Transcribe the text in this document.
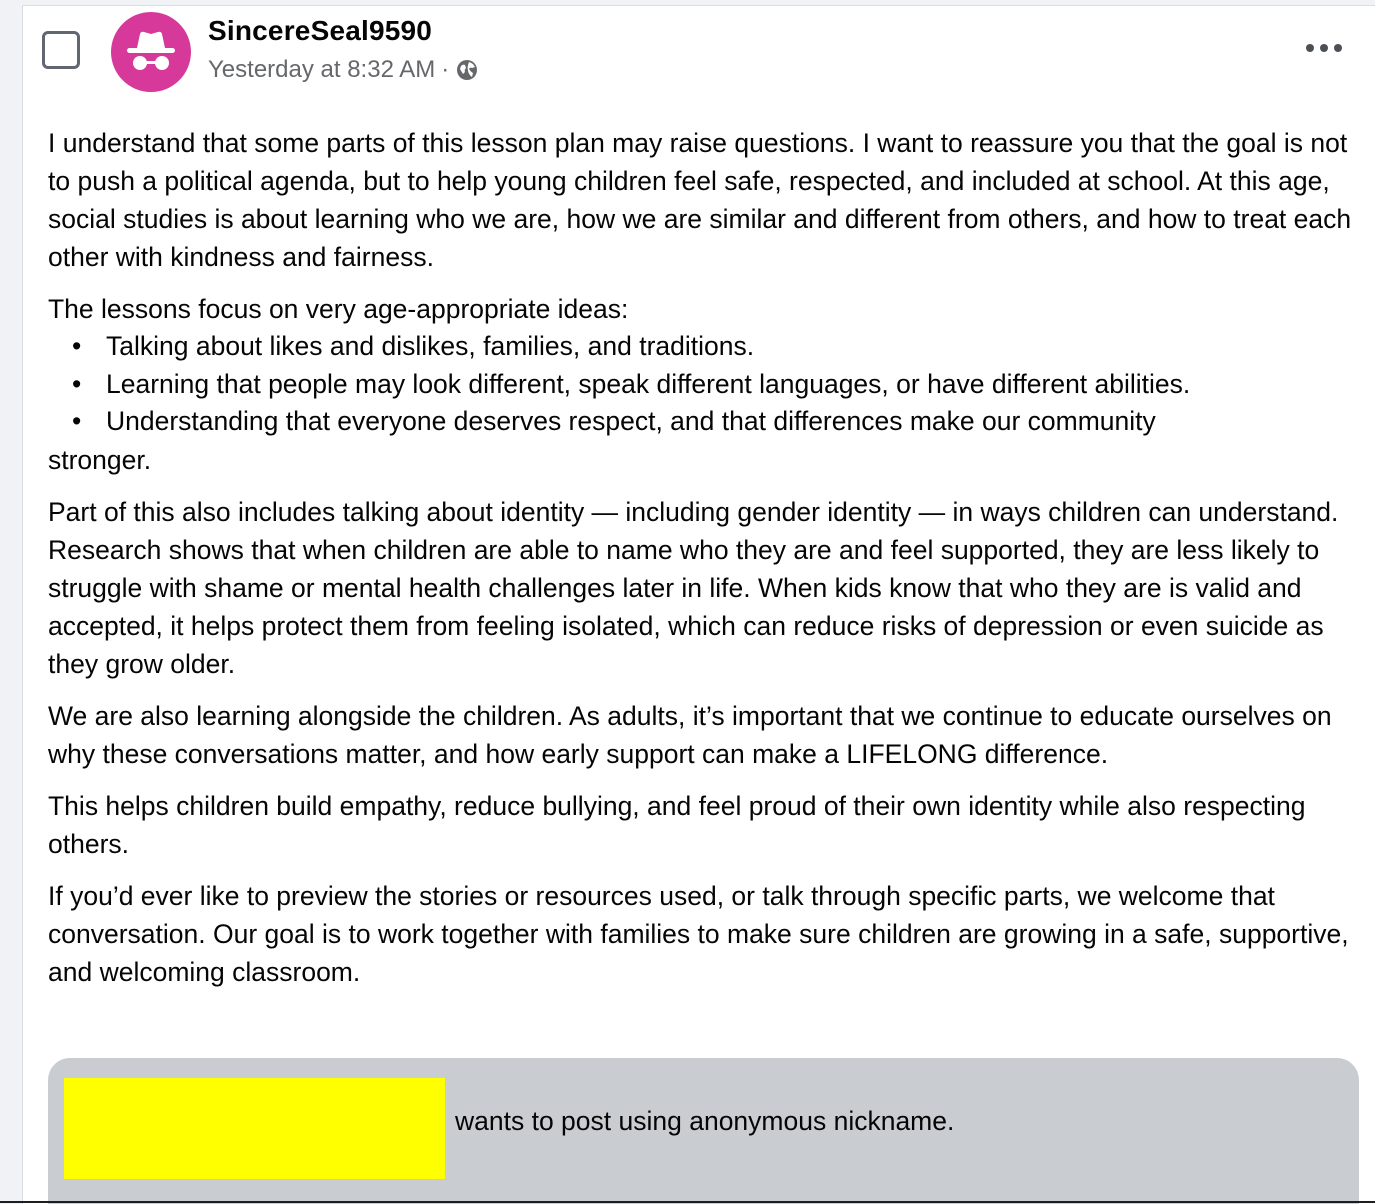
SincereSeal9590
Yesterday at 8:32 AM ·

I understand that some parts of this lesson plan may raise questions. I want to reassure you that the goal is not to push a political agenda, but to help young children feel safe, respected, and included at school. At this age, social studies is about learning who we are, how we are similar and different from others, and how to treat each other with kindness and fairness.

The lessons focus on very age-appropriate ideas:
• Talking about likes and dislikes, families, and traditions.
• Learning that people may look different, speak different languages, or have different abilities.
• Understanding that everyone deserves respect, and that differences make our community
stronger.

Part of this also includes talking about identity — including gender identity — in ways children can understand. Research shows that when children are able to name who they are and feel supported, they are less likely to struggle with shame or mental health challenges later in life. When kids know that who they are is valid and accepted, it helps protect them from feeling isolated, which can reduce risks of depression or even suicide as they grow older.

We are also learning alongside the children. As adults, it’s important that we continue to educate ourselves on why these conversations matter, and how early support can make a LIFELONG difference.

This helps children build empathy, reduce bullying, and feel proud of their own identity while also respecting others.

If you’d ever like to preview the stories or resources used, or talk through specific parts, we welcome that conversation. Our goal is to work together with families to make sure children are growing in a safe, supportive, and welcoming classroom.

wants to post using anonymous nickname.
